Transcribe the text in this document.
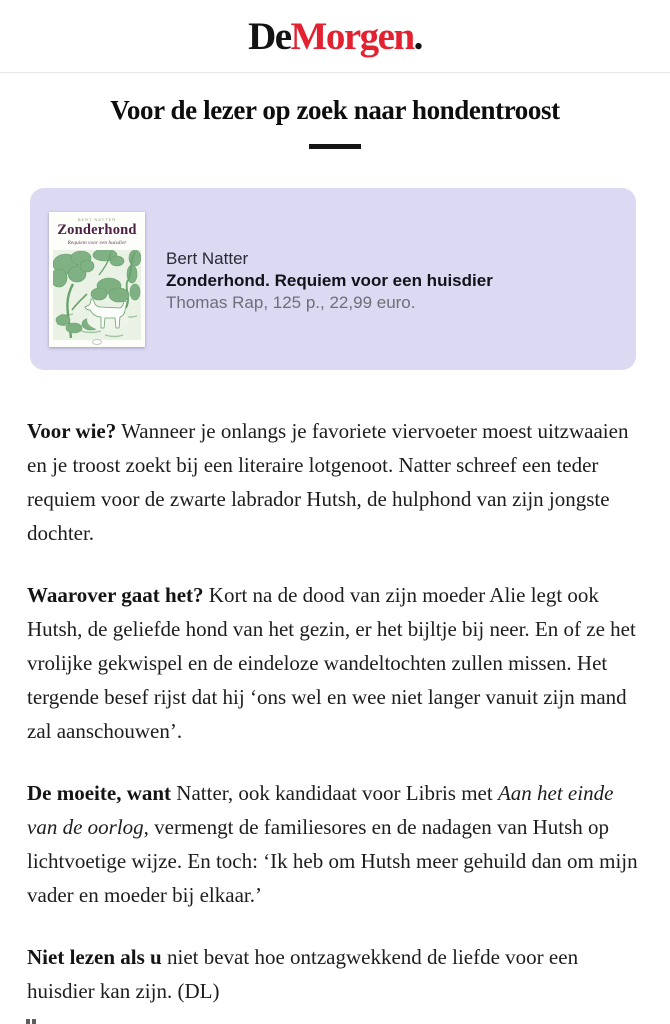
DeMorgen.
Voor de lezer op zoek naar hondentroost
BERT NATTER
Zonderhond
Requiem voor een huisdier
Bert Natter
Zonderhond. Requiem voor een huisdier
Thomas Rap, 125 p., 22,99 euro.

Voor wie? Wanneer je onlangs je favoriete viervoeter moest uitzwaaien en je troost zoekt bij een literaire lotgenoot. Natter schreef een teder requiem voor de zwarte labrador Hutsh, de hulphond van zijn jongste dochter.

Waarover gaat het? Kort na de dood van zijn moeder Alie legt ook Hutsh, de geliefde hond van het gezin, er het bijltje bij neer. En of ze het vrolijke gekwispel en de eindeloze wandeltochten zullen missen. Het tergende besef rijst dat hij ‘ons wel en wee niet langer vanuit zijn mand zal aanschouwen’.

De moeite, want Natter, ook kandidaat voor Libris met Aan het einde van de oorlog, vermengt de familiesores en de nadagen van Hutsh op lichtvoetige wijze. En toch: ‘Ik heb om Hutsh meer gehuild dan om mijn vader en moeder bij elkaar.’

Niet lezen als u niet bevat hoe ontzagwekkend de liefde voor een huisdier kan zijn. (DL)
